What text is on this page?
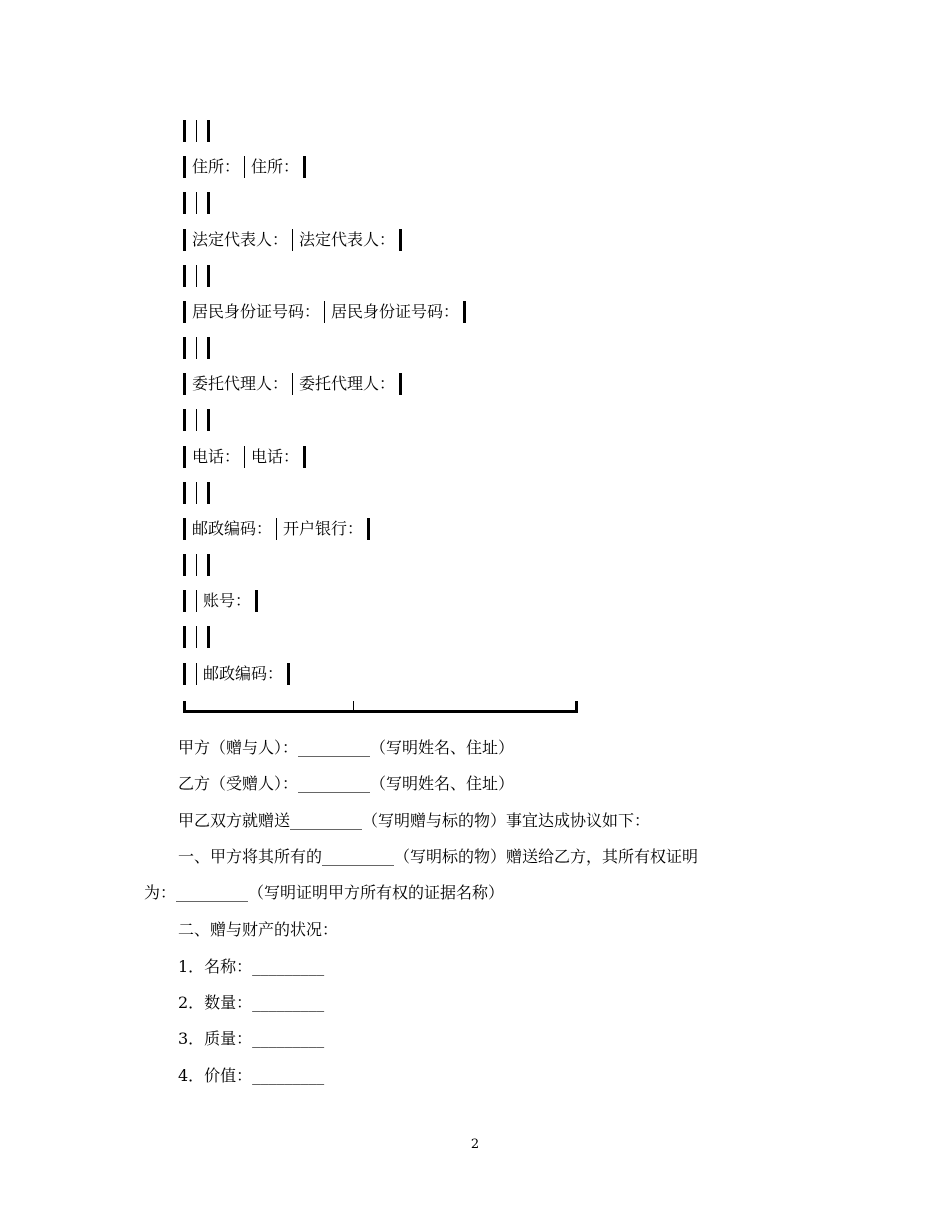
住所： 住所：
法定代表人： 法定代表人：
居民身份证号码： 居民身份证号码：
委托代理人： 委托代理人：
电话： 电话：
邮政编码： 开户银行：
账号：
邮政编码：
甲方（赠与人）：_________（写明姓名、住址）
乙方（受赠人）：_________（写明姓名、住址）
甲乙双方就赠送_________（写明赠与标的物）事宜达成协议如下：
一、甲方将其所有的_________（写明标的物）赠送给乙方，其所有权证明
为：_________（写明证明甲方所有权的证据名称）
二、赠与财产的状况：
1．名称：_________
2．数量：_________
3．质量：_________
4．价值：_________
2
